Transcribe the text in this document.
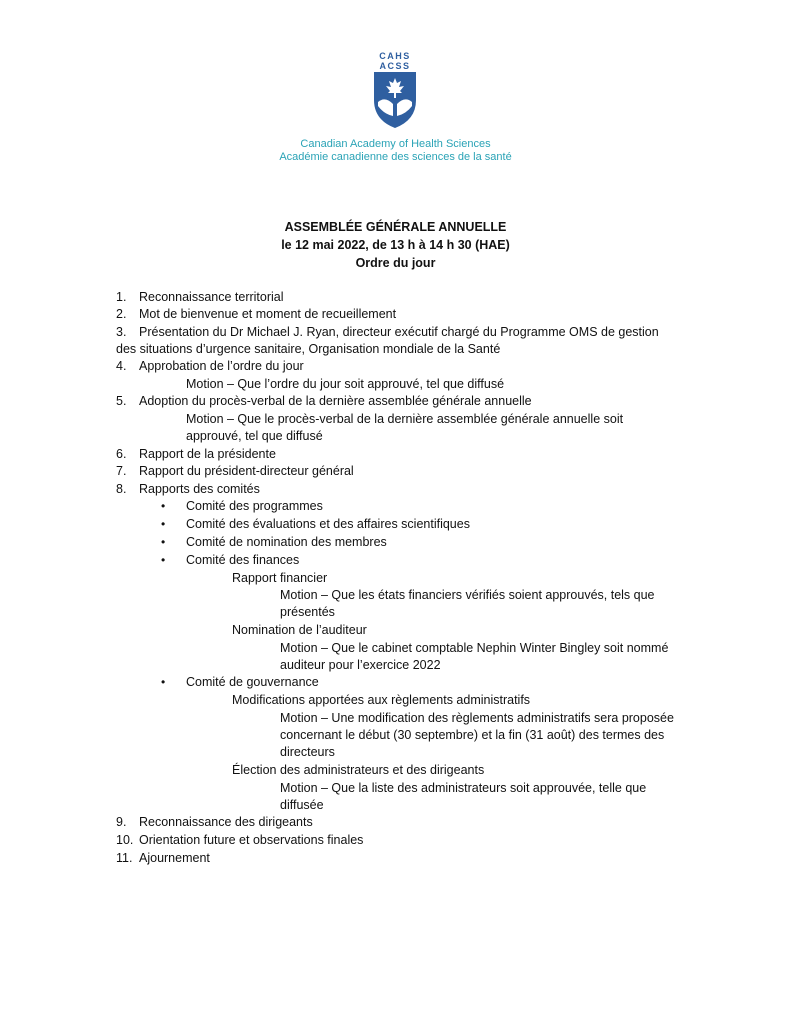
CAHS
ACSS
Canadian Academy of Health Sciences
Académie canadienne des sciences de la santé
ASSEMBLÉE GÉNÉRALE ANNUELLE
le 12 mai 2022, de 13 h à 14 h 30 (HAE)
Ordre du jour
1. Reconnaissance territorial
2. Mot de bienvenue et moment de recueillement
3. Présentation du Dr Michael J. Ryan, directeur exécutif chargé du Programme OMS de gestion
des situations d’urgence sanitaire, Organisation mondiale de la Santé
4. Approbation de l’ordre du jour
Motion – Que l’ordre du jour soit approuvé, tel que diffusé
5. Adoption du procès-verbal de la dernière assemblée générale annuelle
Motion – Que le procès-verbal de la dernière assemblée générale annuelle soit
approuvé, tel que diffusé
6. Rapport de la présidente
7. Rapport du président-directeur général
8. Rapports des comités
• Comité des programmes
• Comité des évaluations et des affaires scientifiques
• Comité de nomination des membres
• Comité des finances
Rapport financier
Motion – Que les états financiers vérifiés soient approuvés, tels que
présentés
Nomination de l’auditeur
Motion – Que le cabinet comptable Nephin Winter Bingley soit nommé
auditeur pour l’exercice 2022
• Comité de gouvernance
Modifications apportées aux règlements administratifs
Motion – Une modification des règlements administratifs sera proposée
concernant le début (30 septembre) et la fin (31 août) des termes des
directeurs
Élection des administrateurs et des dirigeants
Motion – Que la liste des administrateurs soit approuvée, telle que
diffusée
9. Reconnaissance des dirigeants
10. Orientation future et observations finales
11. Ajournement
